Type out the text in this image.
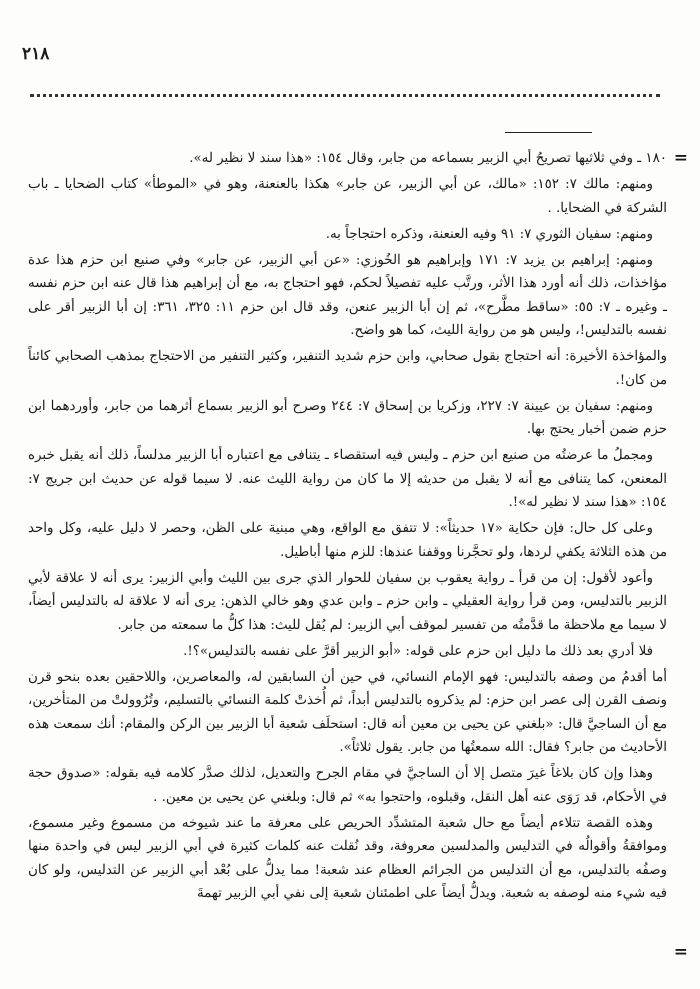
٢١٨
=
=

١٨٠ ـ وفي ثلاثيها تصريحُ أبي الزبير بسماعه من جابر، وقال ١٥٤: «هذا سند لا نظير له».

ومنهم: مالك ٧: ١٥٢: «مالك، عن أبي الزبير، عن جابر» هكذا بالعنعنة، وهو في «الموطأ» كتاب الضحايا ـ باب الشركة في الضحايا. .

ومنهم: سفيان الثوري ٧: ٩١ وفيه العنعنة، وذكره احتجاجاً به.

ومنهم: إبراهيم بن يزيد ٧: ١٧١ وإبراهيم هو الخُوزي: «عن أبي الزبير، عن جابر» وفي صنيع ابن حزم هذا عدة مؤاخذات، ذلك أنه أورد هذا الأثر، ورتَّب عليه تفصيلاً لحكم، فهو احتجاج به، مع أن إبراهيم هذا قال عنه ابن حزم نفسه ـ وغيره ـ ٧: ٥٥: «ساقط مطَّرح»، ثم إن أبا الزبير عنعن، وقد قال ابن حزم ١١: ٣٢٥، ٣٦١: إن أبا الزبير أقر على نفسه بالتدليس!، وليس هو من رواية الليث، كما هو واضح.

والمؤاخذة الأخيرة: أنه احتجاج بقول صحابي، وابن حزم شديد التنفير، وكثير التنفير من الاحتجاج بمذهب الصحابي كائناً من كان!.

ومنهم: سفيان بن عيينة ٧: ٢٢٧، وزكريا بن إسحاق ٧: ٢٤٤ وصرح أبو الزبير بسماع أثرهما من جابر، وأوردهما ابن حزم ضمن أخبار يحتج بها.

ومجملُ ما عرضتُه من صنيع ابن حزم ـ وليس فيه استقصاء ـ يتنافى مع اعتباره أبا الزبير مدلساً، ذلك أنه يقبل خبره المعنعن، كما يتنافى مع أنه لا يقبل من حديثه إلا ما كان من رواية الليث عنه. لا سيما قوله عن حديث ابن جريج ٧: ١٥٤: «هذا سند لا نظير له»!.

وعلى كل حال: فإن حكاية «١٧ حديثاً»: لا تتفق مع الواقع، وهي مبنية على الظن، وحصر لا دليل عليه، وكل واحد من هذه الثلاثة يكفي لردها، ولو تحجَّرنا ووقفنا عندها: للزم منها أباطيل.

وأعود لأقول: إن من قرأ ـ رواية يعقوب بن سفيان للحوار الذي جرى بين الليث وأبي الزبير: يرى أنه لا علاقة لأبي الزبير بالتدليس، ومن قرأ رواية العقيلي ـ وابن حزم ـ وابن عدي وهو خالي الذهن: يرى أنه لا علاقة له بالتدليس أيضاً، لا سيما مع ملاحظة ما قدَّمتُه من تفسير لموقف أبي الزبير: لم يُقل لليث: هذا كلُّ ما سمعته من جابر.

فلا أدري بعد ذلك ما دليل ابن حزم على قوله: «أبو الزبير أقرَّ على نفسه بالتدليس»؟!.

أما أقدمُ من وصفه بالتدليس: فهو الإمام النسائي، في حين أن السابقين له، والمعاصرين، واللاحقين بعده بنحو قرن ونصف القرن إلى عصر ابن حزم: لم يذكروه بالتدليس أبداً، ثم أُخذتْ كلمة النسائي بالتسليم، وتُرُوولتْ من المتأخرين، مع أن الساجيَّ قال: «بلغني عن يحيى بن معين أنه قال: استحلَف شعبة أبا الزبير بين الركن والمقام: أنك سمعت هذه الأحاديث من جابر؟ فقال: الله سمعتُها من جابر. يقول ثلاثاً».

وهذا وإن كان بلاغاً غيرَ متصل إلا أن الساجيَّ في مقام الجرح والتعديل، لذلك صدَّر كلامه فيه بقوله: «صدوق حجة في الأحكام، قد رَوَى عنه أهل النقل، وقبلوه، واحتجوا به» ثم قال: وبلغني عن يحيى بن معين. .

وهذه القصة تتلاءم أيضاً مع حال شعبة المتشدِّد الحريص على معرفة ما عند شيوخه من مسموع وغير مسموع، وموافقةُ وأقوالُه في التدليس والمدلسين معروفة، وقد نُقلت عنه كلمات كثيرة في أبي الزبير ليس في واحدة منها وصفُه بالتدليس، مع أن التدليس من الجرائم العظام عند شعبة! مما يدلُّ على بُعْد أبي الزبير عن التدليس، ولو كان فيه شيء منه لوصفه به شعبة. ويدلُّ أيضاً على اطمئنان شعبة إلى نفي أبي الزبير تهمةَ
